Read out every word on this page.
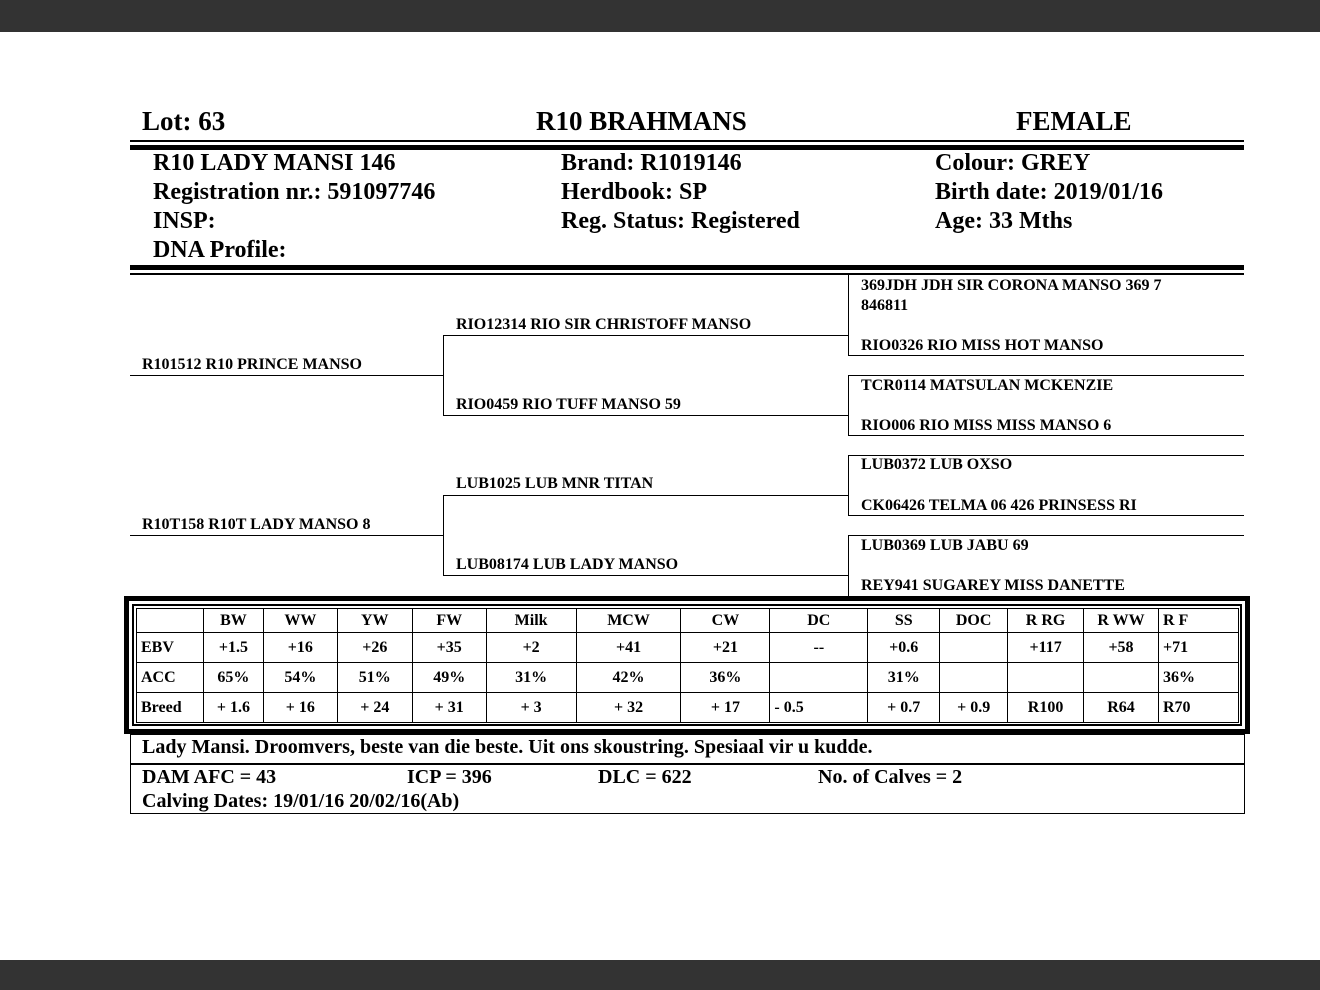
Lot: 63	R10 BRAHMANS	FEMALE
R10 LADY MANSI 146
Registration nr.: 591097746
INSP:
DNA Profile:
Brand: R1019146
Herdbook: SP
Reg. Status: Registered
Colour: GREY
Birth date: 2019/01/16
Age: 33 Mths
R101512 R10 PRINCE MANSO
R10T158 R10T LADY MANSO 8
RIO12314 RIO SIR CHRISTOFF MANSO
RIO0459 RIO TUFF MANSO 59
LUB1025 LUB MNR TITAN
LUB08174 LUB LADY MANSO
369JDH JDH SIR CORONA MANSO 369 7 846811
RIO0326 RIO MISS HOT MANSO
TCR0114 MATSULAN MCKENZIE
RIO006 RIO MISS MISS MANSO 6
LUB0372 LUB OXSO
CK06426 TELMA 06 426 PRINSESS RI
LUB0369 LUB JABU 69
REY941 SUGAREY MISS DANETTE
	BW	WW	YW	FW	Milk	MCW	CW	DC	SS	DOC	R RG	R WW	R F
EBV	+1.5	+16	+26	+35	+2	+41	+21	--	+0.6		+117	+58	+71
ACC	65%	54%	51%	49%	31%	42%	36%		31%				36%
Breed	+ 1.6	+ 16	+ 24	+ 31	+ 3	+ 32	+ 17	- 0.5	+ 0.7	+ 0.9	R100	R64	R70
Lady Mansi. Droomvers, beste van die beste. Uit ons skoustring. Spesiaal vir u kudde.
DAM AFC = 43	ICP = 396	DLC = 622	No. of Calves = 2
Calving Dates: 19/01/16 20/02/16(Ab)
